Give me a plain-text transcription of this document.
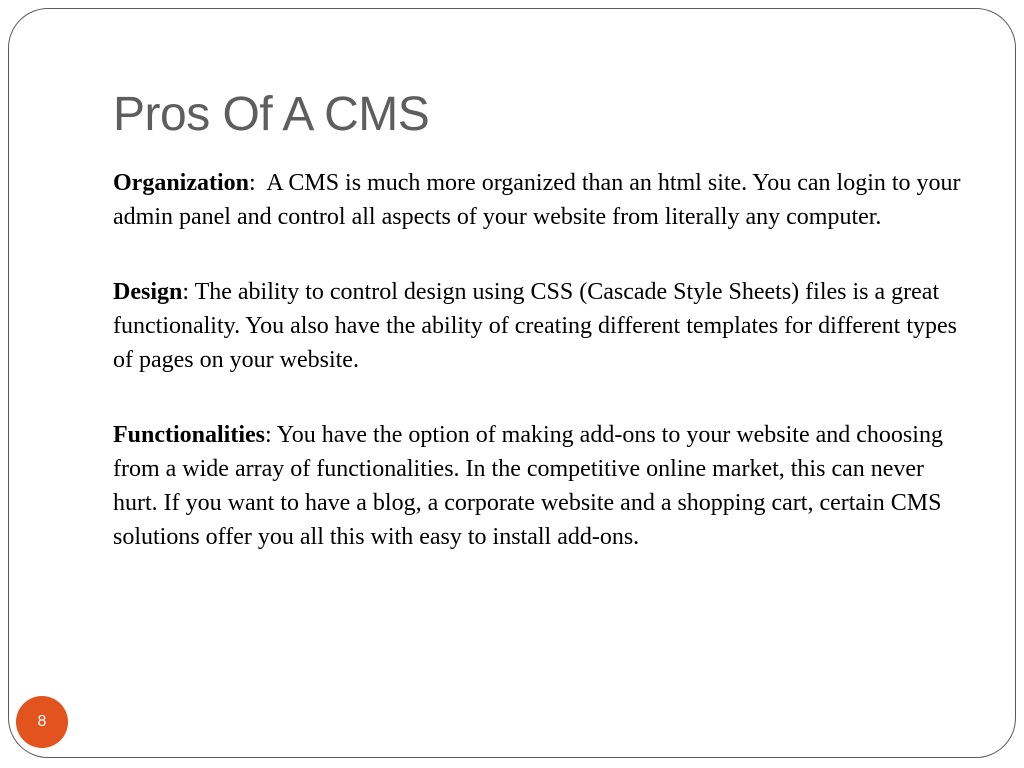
Pros Of A CMS

Organization:  A CMS is much more organized than an html site. You can login to your admin panel and control all aspects of your website from literally any computer.

Design: The ability to control design using CSS (Cascade Style Sheets) files is a great functionality. You also have the ability of creating different templates for different types of pages on your website.

Functionalities: You have the option of making add-ons to your website and choosing from a wide array of functionalities. In the competitive online market, this can never hurt. If you want to have a blog, a corporate website and a shopping cart, certain CMS solutions offer you all this with easy to install add-ons.

8
